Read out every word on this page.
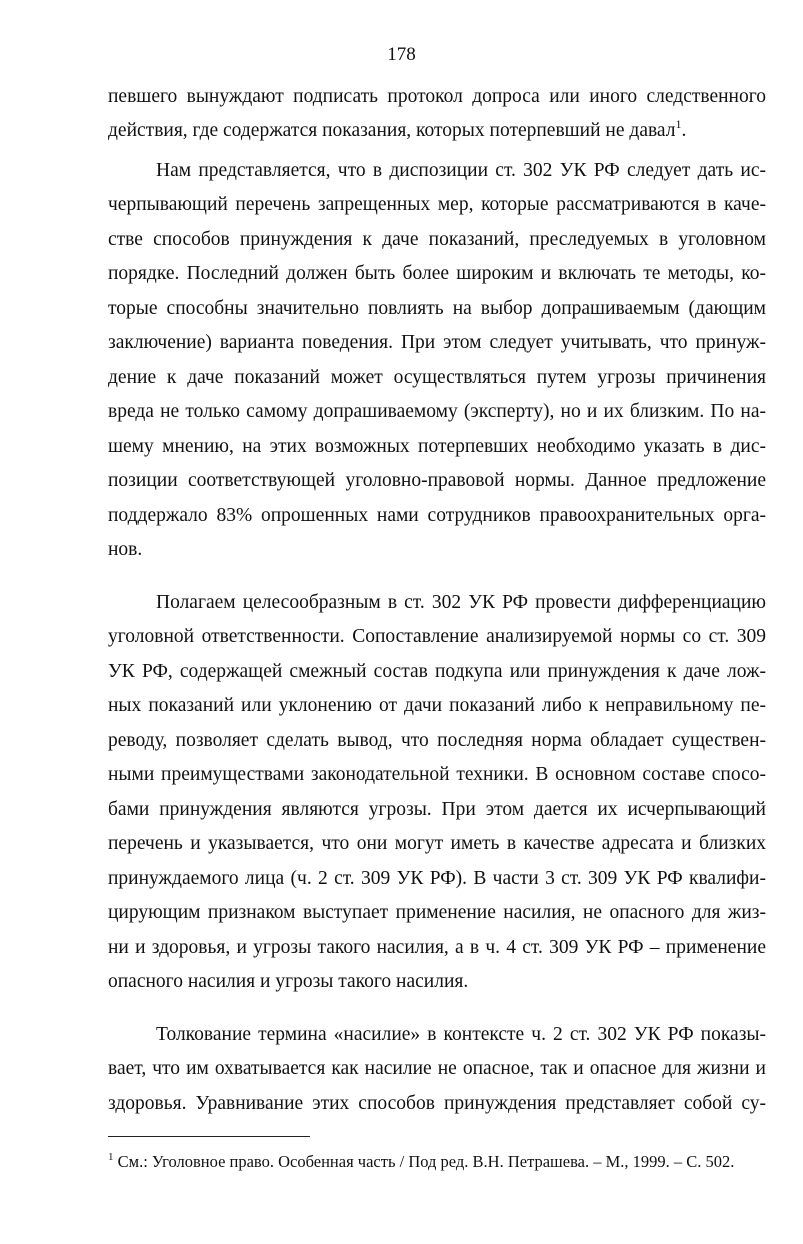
178
певшего вынуждают подписать протокол допроса или иного следственного
действия, где содержатся показания, которых потерпевший не давал$^1$.
Нам представляется, что в диспозиции ст. 302 УК РФ следует дать ис-
черпывающий перечень запрещенных мер, которые рассматриваются в каче-
стве способов принуждения к даче показаний, преследуемых в уголовном
порядке. Последний должен быть более широким и включать те методы, ко-
торые способны значительно повлиять на выбор допрашиваемым (дающим
заключение) варианта поведения. При этом следует учитывать, что принуж-
дение к даче показаний может осуществляться путем угрозы причинения
вреда не только самому допрашиваемому (эксперту), но и их близким. По на-
шему мнению, на этих возможных потерпевших необходимо указать в дис-
позиции соответствующей уголовно-правовой нормы. Данное предложение
поддержало 83% опрошенных нами сотрудников правоохранительных орга-
нов.
Полагаем целесообразным в ст. 302 УК РФ провести дифференциацию
уголовной ответственности. Сопоставление анализируемой нормы со ст. 309
УК РФ, содержащей смежный состав подкупа или принуждения к даче лож-
ных показаний или уклонению от дачи показаний либо к неправильному пе-
реводу, позволяет сделать вывод, что последняя норма обладает существен-
ными преимуществами законодательной техники. В основном составе спосо-
бами принуждения являются угрозы. При этом дается их исчерпывающий
перечень и указывается, что они могут иметь в качестве адресата и близких
принуждаемого лица (ч. 2 ст. 309 УК РФ). В части 3 ст. 309 УК РФ квалифи-
цирующим признаком выступает применение насилия, не опасного для жиз-
ни и здоровья, и угрозы такого насилия, а в ч. 4 ст. 309 УК РФ – применение
опасного насилия и угрозы такого насилия.
Толкование термина «насилие» в контексте ч. 2 ст. 302 УК РФ показы-
вает, что им охватывается как насилие не опасное, так и опасное для жизни и
здоровья. Уравнивание этих способов принуждения представляет собой су-
$^1$ См.: Уголовное право. Особенная часть / Под ред. В.Н. Петрашева. – М., 1999. – С. 502.
